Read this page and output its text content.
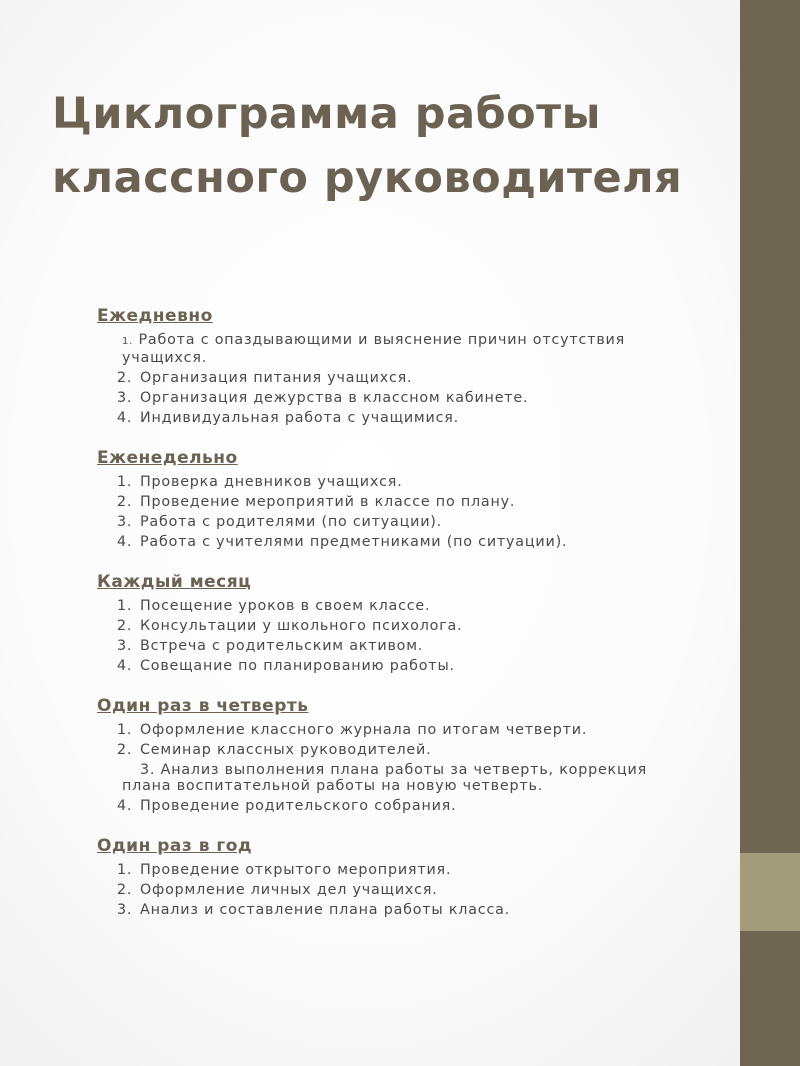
Циклограмма работы
классного руководителя
Ежедневно
1. Работа с опаздывающими и выяснение причин отсутствия учащихся.
2. Организация питания учащихся.
3. Организация дежурства в классном кабинете.
4. Индивидуальная работа с учащимися.
Еженедельно
1. Проверка дневников учащихся.
2. Проведение мероприятий в классе по плану.
3. Работа с родителями (по ситуации).
4. Работа с учителями предметниками (по ситуации).
Каждый месяц
1. Посещение уроков в своем классе.
2. Консультации у школьного психолога.
3. Встреча с родительским активом.
4. Совещание по планированию работы.
Один раз в четверть
1. Оформление классного журнала по итогам четверти.
2. Семинар классных руководителей.
3. Анализ выполнения плана работы за четверть, коррекция плана воспитательной работы на новую четверть.
4. Проведение родительского собрания.
Один раз в год
1. Проведение открытого мероприятия.
2. Оформление личных дел учащихся.
3. Анализ и составление плана работы класса.
